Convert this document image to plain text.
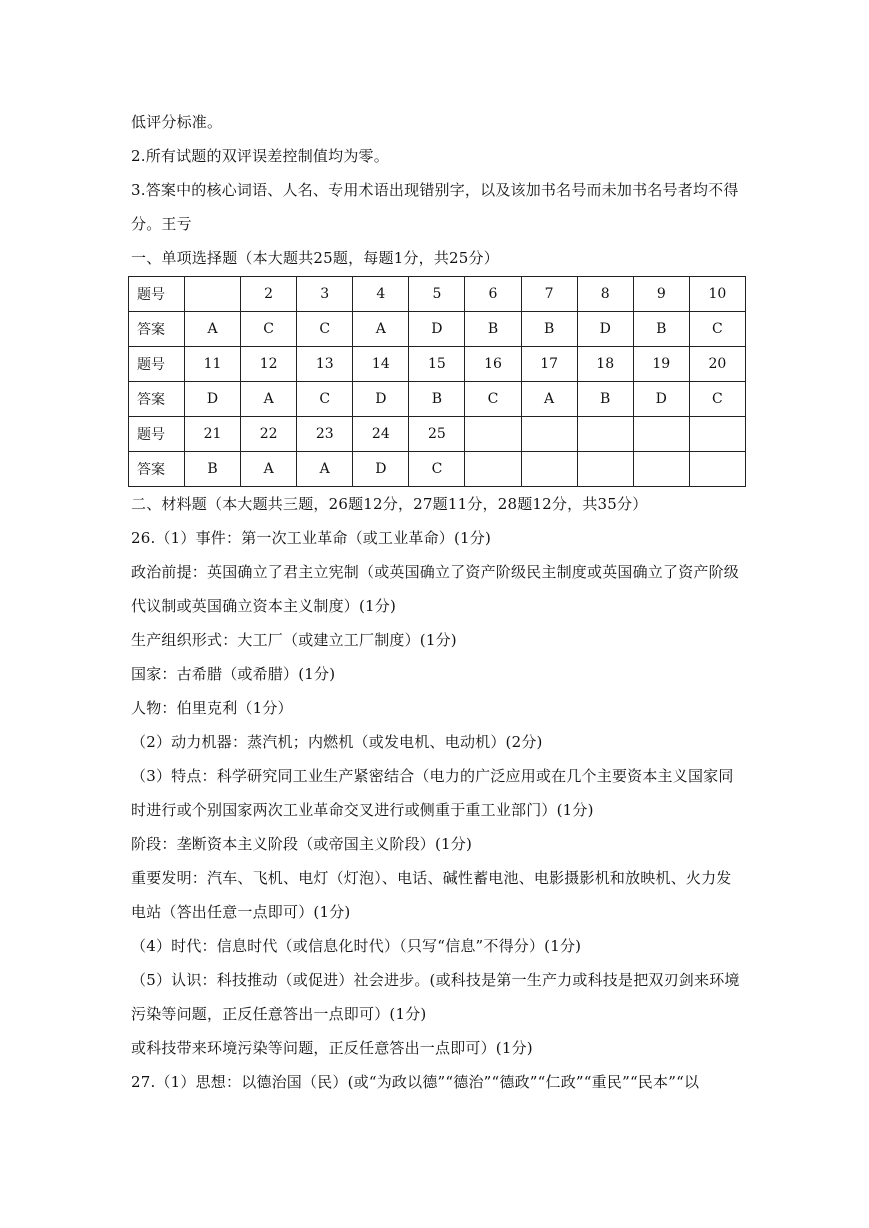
低评分标准。
2.所有试题的双评误差控制值均为零。
3.答案中的核心词语、人名、专用术语出现错别字，以及该加书名号而未加书名号者均不得
分。王亏
一、单项选择题（本大题共25题，每题1分，共25分）
题号		2	3	4	5	6	7	8	9	10
答案	A	C	C	A	D	B	B	D	B	C
题号	11	12	13	14	15	16	17	18	19	20
答案	D	A	C	D	B	C	A	B	D	C
题号	21	22	23	24	25					
答案	B	A	A	D	C					
二、材料题（本大题共三题，26题12分，27题11分，28题12分，共35分）
26.（1）事件：第一次工业革命（或工业革命）(1分)
政治前提：英国确立了君主立宪制（或英国确立了资产阶级民主制度或英国确立了资产阶级
代议制或英国确立资本主义制度）(1分)
生产组织形式：大工厂（或建立工厂制度）(1分)
国家：古希腊（或希腊）(1分)
人物：伯里克利（1分）
（2）动力机器：蒸汽机；内燃机（或发电机、电动机）(2分)
（3）特点：科学研究同工业生产紧密结合（电力的广泛应用或在几个主要资本主义国家同
时进行或个别国家两次工业革命交叉进行或侧重于重工业部门）(1分)
阶段：垄断资本主义阶段（或帝国主义阶段）(1分)
重要发明：汽车、飞机、电灯（灯泡）、电话、碱性蓄电池、电影摄影机和放映机、火力发
电站（答出任意一点即可）(1分)
（4）时代：信息时代（或信息化时代）（只写“信息”不得分）(1分)
（5）认识：科技推动（或促进）社会进步。(或科技是第一生产力或科技是把双刃剑来环境
污染等问题，正反任意答出一点即可）(1分)
或科技带来环境污染等问题，正反任意答出一点即可）(1分)
27.（1）思想：以德治国（民）(或“为政以德”“德治”“德政”“仁政”“重民”“民本”“以
